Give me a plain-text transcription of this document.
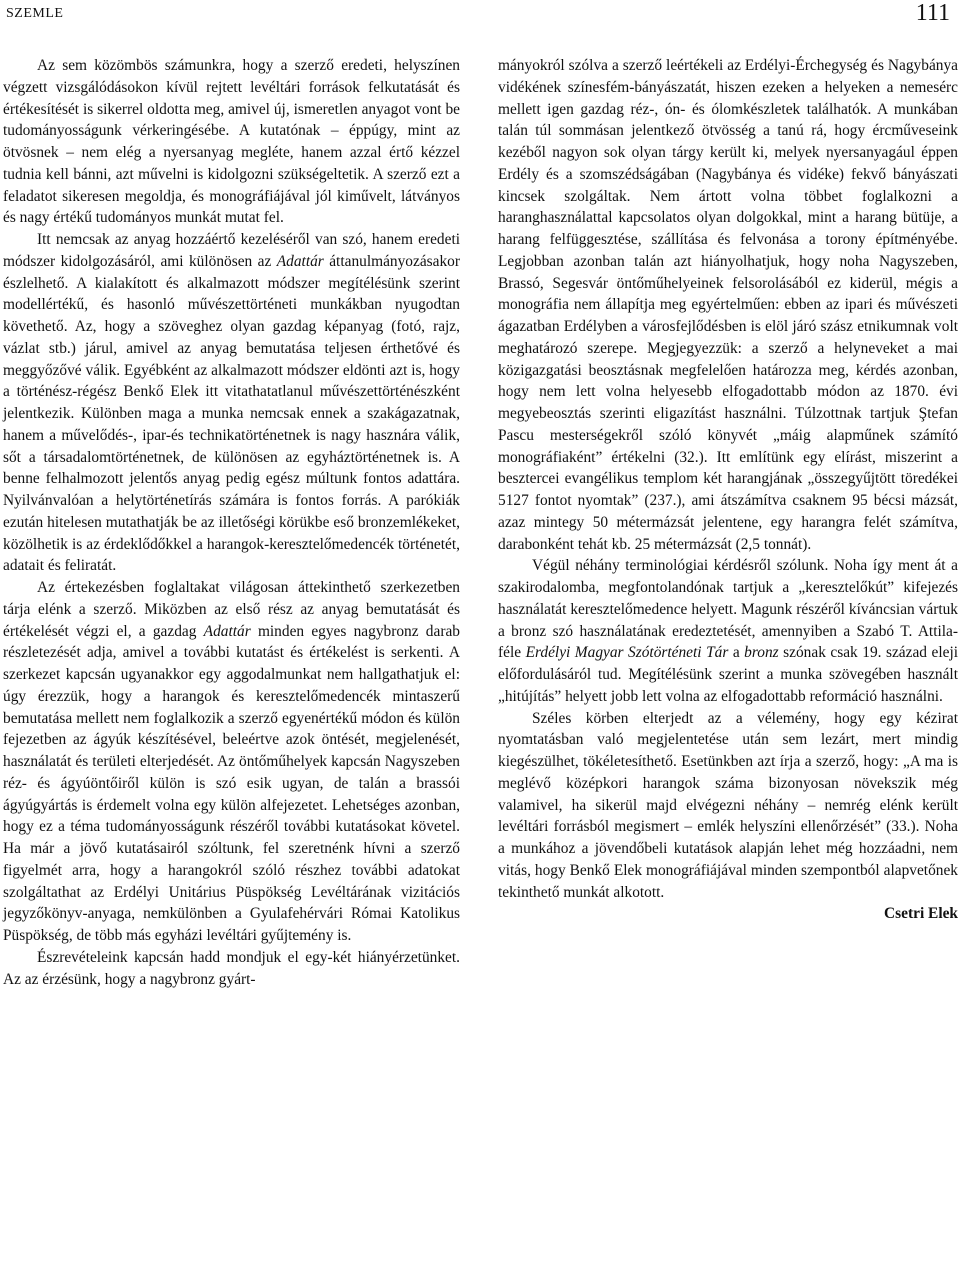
SZEMLE	111

Az sem közömbös számunkra, hogy a szerző eredeti, helyszínen végzett vizsgálódásokon kívül rejtett levéltári források felkutatását és értékesítését is sikerrel oldotta meg, amivel új, ismeretlen anyagot vont be tudományosságunk vérkeringésébe. A kutatónak – éppúgy, mint az ötvösnek – nem elég a nyersanyag megléte, hanem azzal értő kézzel tudnia kell bánni, azt művelni is kidolgozni szükségeltetik. A szerző ezt a feladatot sikeresen megoldja, és monográfiájával jól kiművelt, látványos és nagy értékű tudományos munkát mutat fel.

Itt nemcsak az anyag hozzáértő kezeléséről van szó, hanem eredeti módszer kidolgozásáról, ami különösen az Adattár áttanulmányozásakor észlelhető. A kialakított és alkalmazott módszer megítélésünk szerint modellértékű, és hasonló művészettörténeti munkákban nyugodtan követhető. Az, hogy a szöveghez olyan gazdag képanyag (fotó, rajz, vázlat stb.) járul, amivel az anyag bemutatása teljesen érthetővé és meggyőzővé válik. Egyébként az alkalmazott módszer eldönti azt is, hogy a történész-régész Benkő Elek itt vitathatatlanul művészettörténészként jelentkezik. Különben maga a munka nemcsak ennek a szakágazatnak, hanem a művelődés-, ipar-és technikatörténetnek is nagy hasznára válik, sőt a társadalomtörténetnek, de különösen az egyháztörténetnek is. A benne felhalmozott jelentős anyag pedig egész múltunk fontos adattára. Nyilvánvalóan a helytörténetírás számára is fontos forrás. A parókiák ezután hitelesen mutathatják be az illetőségi körükbe eső bronzemlékeket, közölhetik is az érdeklődőkkel a harangok-keresztelőmedencék történetét, adatait és feliratát.

Az értekezésben foglaltakat világosan áttekinthető szerkezetben tárja elénk a szerző. Miközben az első rész az anyag bemutatását és értékelését végzi el, a gazdag Adattár minden egyes nagybronz darab részletezését adja, amivel a további kutatást és értékelést is serkenti. A szerkezet kapcsán ugyanakkor egy aggodalmunkat nem hallgathatjuk el: úgy érezzük, hogy a harangok és keresztelőmedencék mintaszerű bemutatása mellett nem foglalkozik a szerző egyenértékű módon és külön fejezetben az ágyúk készítésével, beleértve azok öntését, megjelenését, használatát és területi elterjedését. Az öntőműhelyek kapcsán Nagyszeben réz- és ágyúöntőiről külön is szó esik ugyan, de talán a brassói ágyúgyártás is érdemelt volna egy külön alfejezetet. Lehetséges azonban, hogy ez a téma tudományosságunk részéről további kutatásokat követel. Ha már a jövő kutatásairól szóltunk, fel szeretnénk hívni a szerző figyelmét arra, hogy a harangokról szóló részhez további adatokat szolgáltathat az Erdélyi Unitárius Püspökség Levéltárának vizitációs jegyzőkönyv-anyaga, nemkülönben a Gyulafehérvári Római Katolikus Püspökség, de több más egyházi levéltári gyűjtemény is.

Észrevételeink kapcsán hadd mondjuk el egy-két hiányérzetünket. Az az érzésünk, hogy a nagybronz gyárt-

mányokról szólva a szerző leértékeli az Erdélyi-Érchegység és Nagybánya vidékének színesfém-bányászatát, hiszen ezeken a helyeken a nemesérc mellett igen gazdag réz-, ón- és ólomkészletek találhatók. A munkában talán túl sommásan jelentkező ötvösség a tanú rá, hogy ércműveseink kezéből nagyon sok olyan tárgy került ki, melyek nyersanyagául éppen Erdély és a szomszédságában (Nagybánya és vidéke) fekvő bányászati kincsek szolgáltak. Nem ártott volna többet foglalkozni a haranghasználattal kapcsolatos olyan dolgokkal, mint a harang bütüje, a harang felfüggesztése, szállítása és felvonása a torony építményébe. Legjobban azonban talán azt hiányolhatjuk, hogy noha Nagyszeben, Brassó, Segesvár öntőműhelyeinek felsorolásából ez kiderül, mégis a monográfia nem állapítja meg egyértelműen: ebben az ipari és művészeti ágazatban Erdélyben a városfejlődésben is elöl járó szász etnikumnak volt meghatározó szerepe. Megjegyezzük: a szerző a helyneveket a mai közigazgatási beosztásnak megfelelően határozza meg, kérdés azonban, hogy nem lett volna helyesebb elfogadottabb módon az 1870. évi megyebeosztás szerinti eligazítást használni. Túlzottnak tartjuk Ştefan Pascu mesterségekről szóló könyvét „máig alapműnek számító monográfiaként” értékelni (32.). Itt említünk egy elírást, miszerint a besztercei evangélikus templom két harangjának „összegyűjtött töredékei 5127 fontot nyomtak” (237.), ami átszámítva csaknem 95 bécsi mázsát, azaz mintegy 50 métermázsát jelentene, egy harangra felét számítva, darabonként tehát kb. 25 métermázsát (2,5 tonnát).

Végül néhány terminológiai kérdésről szólunk. Noha így ment át a szakirodalomba, megfontolandónak tartjuk a „keresztelőkút” kifejezés használatát keresztelőmedence helyett. Magunk részéről kíváncsian vártuk a bronz szó használatának eredeztetését, amennyiben a Szabó T. Attila-féle Erdélyi Magyar Szótörténeti Tár a bronz szónak csak 19. század eleji előfordulásáról tud. Megítélésünk szerint a munka szövegében használt „hitújítás” helyett jobb lett volna az elfogadottabb reformáció használni.

Széles körben elterjedt az a vélemény, hogy egy kézirat nyomtatásban való megjelentetése után sem lezárt, mert mindig kiegészülhet, tökéletesíthető. Esetünkben azt írja a szerző, hogy: „A ma is meglévő középkori harangok száma bizonyosan növekszik még valamivel, ha sikerül majd elvégezni néhány – nemrég elénk került levéltári forrásból megismert – emlék helyszíni ellenőrzését” (33.). Noha a munkához a jövendőbeli kutatások alapján lehet még hozzáadni, nem vitás, hogy Benkő Elek monográfiájával minden szempontból alapvetőnek tekinthető munkát alkotott.

Csetri Elek
